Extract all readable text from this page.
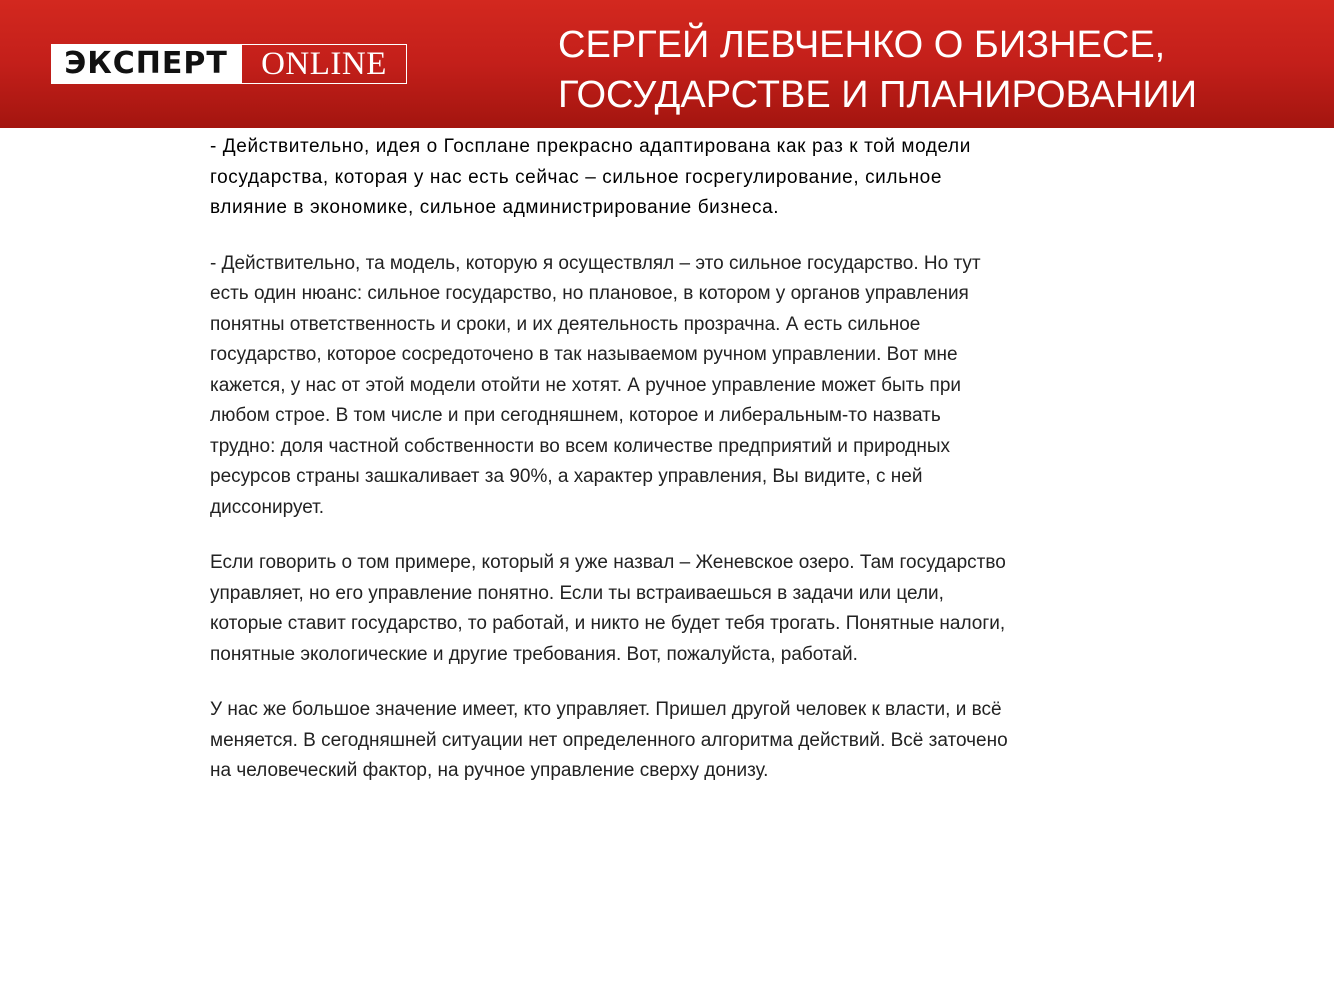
ЭКСПЕРТ	ONLINE	СЕРГЕЙ ЛЕВЧЕНКО О БИЗНЕСЕ,
ГОСУДАРСТВЕ И ПЛАНИРОВАНИИ

- Действительно, идея о Госплане прекрасно адаптирована как раз к той модели государства, которая у нас есть сейчас – сильное госрегулирование, сильное влияние в экономике, сильное администрирование бизнеса.

- Действительно, та модель, которую я осуществлял – это сильное государство. Но тут есть один нюанс: сильное государство, но плановое, в котором у органов управления понятны ответственность и сроки, и их деятельность прозрачна. А есть сильное государство, которое сосредоточено в так называемом ручном управлении. Вот мне кажется, у нас от этой модели отойти не хотят. А ручное управление может быть при любом строе. В том числе и при сегодняшнем, которое и либеральным-то назвать трудно: доля частной собственности во всем количестве предприятий и природных ресурсов страны зашкаливает за 90%, а характер управления, Вы видите, с ней диссонирует.

Если говорить о том примере, который я уже назвал – Женевское озеро. Там государство управляет, но его управление понятно. Если ты встраиваешься в задачи или цели, которые ставит государство, то работай, и никто не будет тебя трогать. Понятные налоги, понятные экологические и другие требования. Вот, пожалуйста, работай.

У нас же большое значение имеет, кто управляет. Пришел другой человек к власти, и всё меняется. В сегодняшней ситуации нет определенного алгоритма действий. Всё заточено на человеческий фактор, на ручное управление сверху донизу.
